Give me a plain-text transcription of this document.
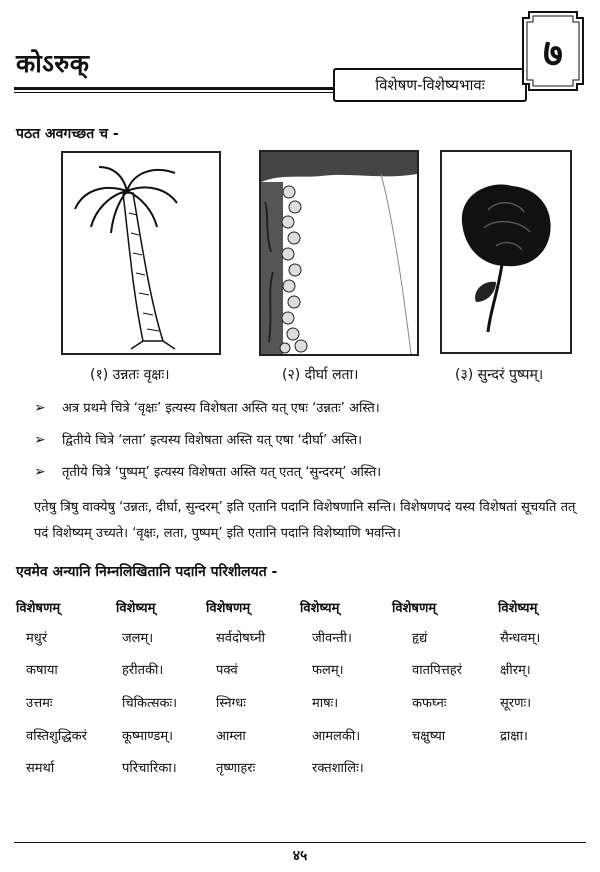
कोऽरुक्
विशेषण-विशेष्यभावः
७
पठत अवगच्छत च -
(१) उन्नतः वृक्षः।	(२) दीर्घा लता।	(३) सुन्दरं पुष्पम्।
➢ अत्र प्रथमे चित्रे ‘वृक्षः’ इत्यस्य विशेषता अस्ति यत् एषः ‘उन्नतः’ अस्ति।
➢ द्वितीये चित्रे ‘लता’ इत्यस्य विशेषता अस्ति यत् एषा ‘दीर्घा’ अस्ति।
➢ तृतीये चित्रे ‘पुष्पम्’ इत्यस्य विशेषता अस्ति यत् एतत् ‘सुन्दरम्’ अस्ति।
एतेषु त्रिषु वाक्येषु ‘उन्नतः, दीर्घा, सुन्दरम्’ इति एतानि पदानि विशेषणानि सन्ति। विशेषणपदं यस्य विशेषतां सूचयति तत् पदं विशेष्यम् उच्यते। ‘वृक्षः, लता, पुष्पम्’ इति एतानि पदानि विशेष्याणि भवन्ति।
एवमेव अन्यानि निम्नलिखितानि पदानि परिशीलयत -
विशेषणम्	विशेष्यम्	विशेषणम्	विशेष्यम्	विशेषणम्	विशेष्यम्
मधुरं	जलम्।	सर्वदोषघ्नी	जीवन्ती।	हृद्यं	सैन्धवम्।
कषाया	हरीतकी।	पक्वं	फलम्।	वातपित्तहरं	क्षीरम्।
उत्तमः	चिकित्सकः।	स्निग्धः	माषः।	कफघ्नः	सूरणः।
वस्तिशुद्धिकरं	कूष्माण्डम्।	आम्ला	आमलकी।	चक्षुष्या	द्राक्षा।
समर्था	परिचारिका।	तृष्णाहरः	रक्तशालिः।
४५
